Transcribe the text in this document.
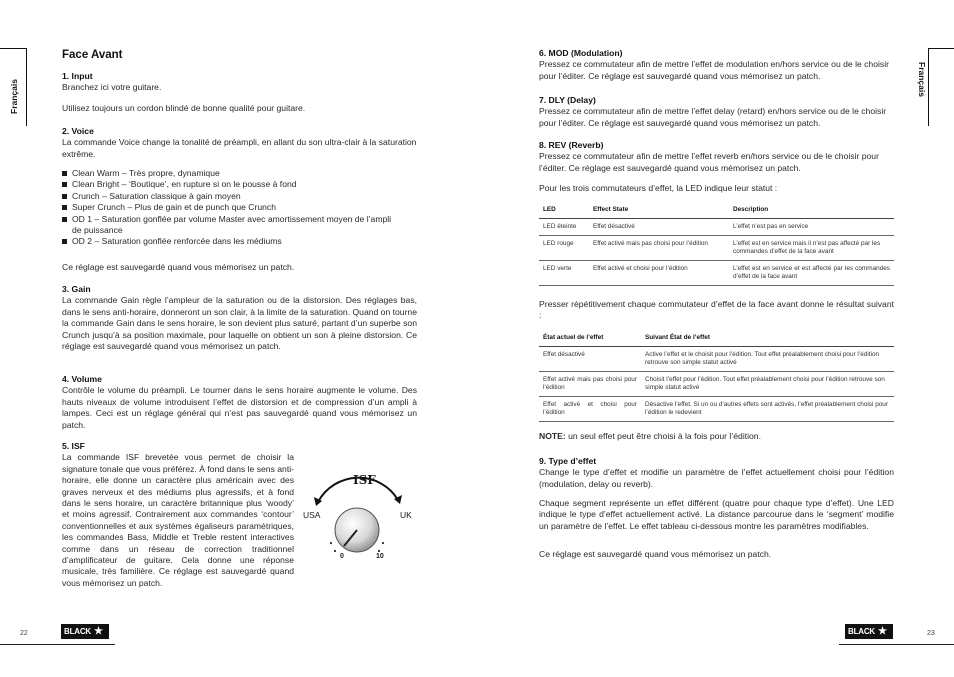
Français	Français
Face Avant
1. Input

Branchez ici votre guitare.

Utilisez toujours un cordon blindé de bonne qualité pour guitare.

2. Voice

La commande Voice change la tonalité de préampli, en allant du son ultra-clair à la saturation extrême.

Clean Warm – Très propre, dynamique
Clean Bright – ‘Boutique’, en rupture si on le pousse à fond
Crunch – Saturation classique à gain moyen
Super Crunch – Plus de gain et de punch que Crunch
OD 1 – Saturation gonflée par volume Master avec amortissement moyen de l’ampli de puissance
OD 2 – Saturation gonflée renforcée dans les médiums

Ce réglage est sauvegardé quand vous mémorisez un patch.

3. Gain

La commande Gain règle l’ampleur de la saturation ou de la distorsion. Des réglages bas, dans le sens anti-horaire, donneront un son clair, à la limite de la saturation. Quand on tourne la commande Gain dans le sens horaire, le son devient plus saturé, partant d’un superbe son Crunch jusqu’à sa position maximale, pour laquelle on obtient un son à pleine distorsion. Ce réglage est sauvegardé quand vous mémorisez un patch.

4. Volume

Contrôle le volume du préampli. Le tourner dans le sens horaire augmente le volume. Des hauts niveaux de volume introduisent l’effet de distorsion et de compression d’un ampli à lampes. Ceci est un réglage général qui n’est pas sauvegardé quand vous mémorisez un patch.

5. ISF

La commande ISF brevetée vous permet de choisir la signature tonale que vous préférez. À fond dans le sens anti-horaire, elle donne un caractère plus américain avec des graves nerveux et des médiums plus agressifs, et à fond dans le sens horaire, un caractère britannique plus ‘woody’ et moins agressif. Contrairement aux commandes ‘contour’ conventionnelles et aux systèmes égaliseurs paramétriques, les commandes Bass, Middle et Treble restent interactives comme dans un réseau de correction traditionnel d’amplificateur de guitare. Cela donne une réponse musicale, très familière. Ce réglage est sauvegardé quand vous mémorisez un patch.

ISF
USA	UK
0	10
6. MOD (Modulation)

Pressez ce commutateur afin de mettre l’effet de modulation en/hors service ou de le choisir pour l’éditer. Ce réglage est sauvegardé quand vous mémorisez un patch.

7. DLY (Delay)

Pressez ce commutateur afin de mettre l’effet delay (retard) en/hors service ou de le choisir pour l’éditer. Ce réglage est sauvegardé quand vous mémorisez un patch.

8. REV (Reverb)

Pressez ce commutateur afin de mettre l’effet reverb en/hors service ou de le choisir pour l’éditer. Ce réglage est sauvegardé quand vous mémorisez un patch.

Pour les trois commutateurs d’effet, la LED indique leur statut :

LED	Effect State	Description
LED éteinte	Effet désactivé	L’effet n’est pas en service
LED rouge	Effet activé mais pas choisi pour l’édition	L’effet est en service mais il n’est pas affecté par les commandes d’effet de la face avant
LED verte	Effet activé et choisi pour l’édition	L’effet est en service et est affecté par les commandes d’effet de la face avant

Presser répétitivement chaque commutateur d’effet de la face avant donne le résultat suivant :

État actuel de l’effet	Suivant État de l’effet
Effet désactivé	Active l’effet et le choisit pour l’édition. Tout effet préalablement choisi pour l’édition retrouve son simple statut activé
Effet activé mais pas choisi pour l’édition	Choisit l’effet pour l’édition. Tout effet préalablement choisi pour l’édition retrouve son simple statut activé
Effet activé et choisi pour l’édition	Désactive l’effet. Si un ou d’autres effets sont activés, l’effet préalablement choisi pour l’édition le redevient

NOTE: un seul effet peut être choisi à la fois pour l’édition.

9. Type d’effet

Change le type d’effet et modifie un paramètre de l’effet actuellement choisi pour l’édition (modulation, delay ou reverb).

Chaque segment représente un effet différent (quatre pour chaque type d’effet). Une LED indique le type d’effet actuellement activé. La distance parcourue dans le ‘segment’ modifie un paramètre de l’effet. Le effet tableau ci-dessous montre les paramètres modifiables.

Ce réglage est sauvegardé quand vous mémorisez un patch.

22	BLACK ★	BLACK ★	23
